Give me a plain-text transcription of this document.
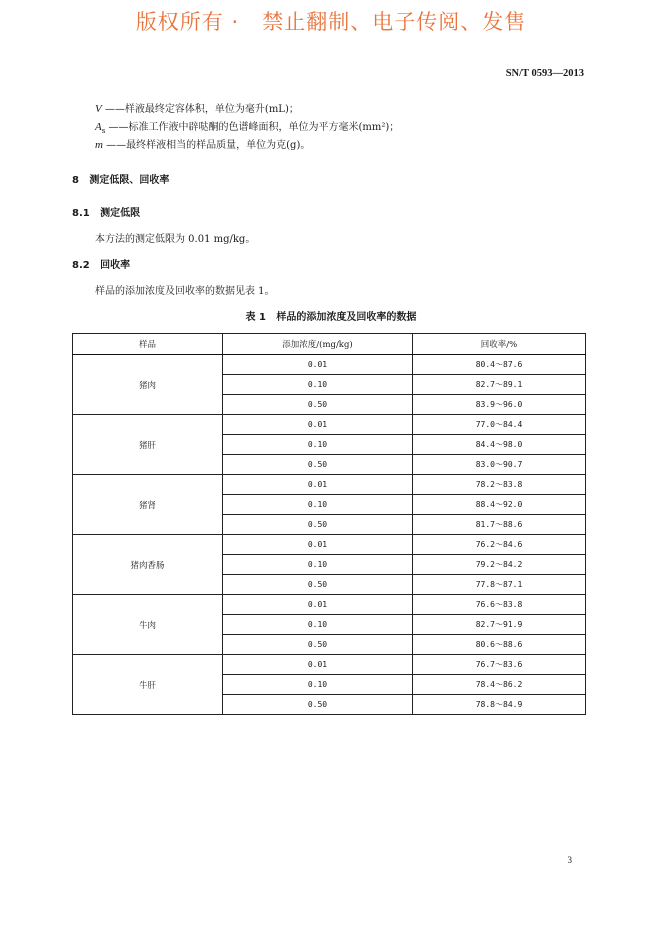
版权所有 ·   禁止翻制、电子传阅、发售
SN/T 0593—2013
V ——样液最终定容体积，单位为毫升(mL)；
$A_s$ ——标准工作液中辟哒酮的色谱峰面积，单位为平方毫米(mm²)；
m ——最终样液相当的样品质量，单位为克(g)。
8   测定低限、回收率
8.1   测定低限
本方法的测定低限为 0.01 mg/kg。
8.2   回收率
样品的添加浓度及回收率的数据见表 1。
表 1   样品的添加浓度及回收率的数据
样品	添加浓度/(mg/kg)	回收率/%
猪肉	0.01	80.4～87.6
	0.10	82.7～89.1
	0.50	83.9～96.0
猪肝	0.01	77.0～84.4
	0.10	84.4～98.0
	0.50	83.0～90.7
猪肾	0.01	78.2～83.8
	0.10	88.4～92.0
	0.50	81.7～88.6
猪肉香肠	0.01	76.2～84.6
	0.10	79.2～84.2
	0.50	77.8～87.1
牛肉	0.01	76.6～83.8
	0.10	82.7～91.9
	0.50	80.6～88.6
牛肝	0.01	76.7～83.6
	0.10	78.4～86.2
	0.50	78.8～84.9
3
